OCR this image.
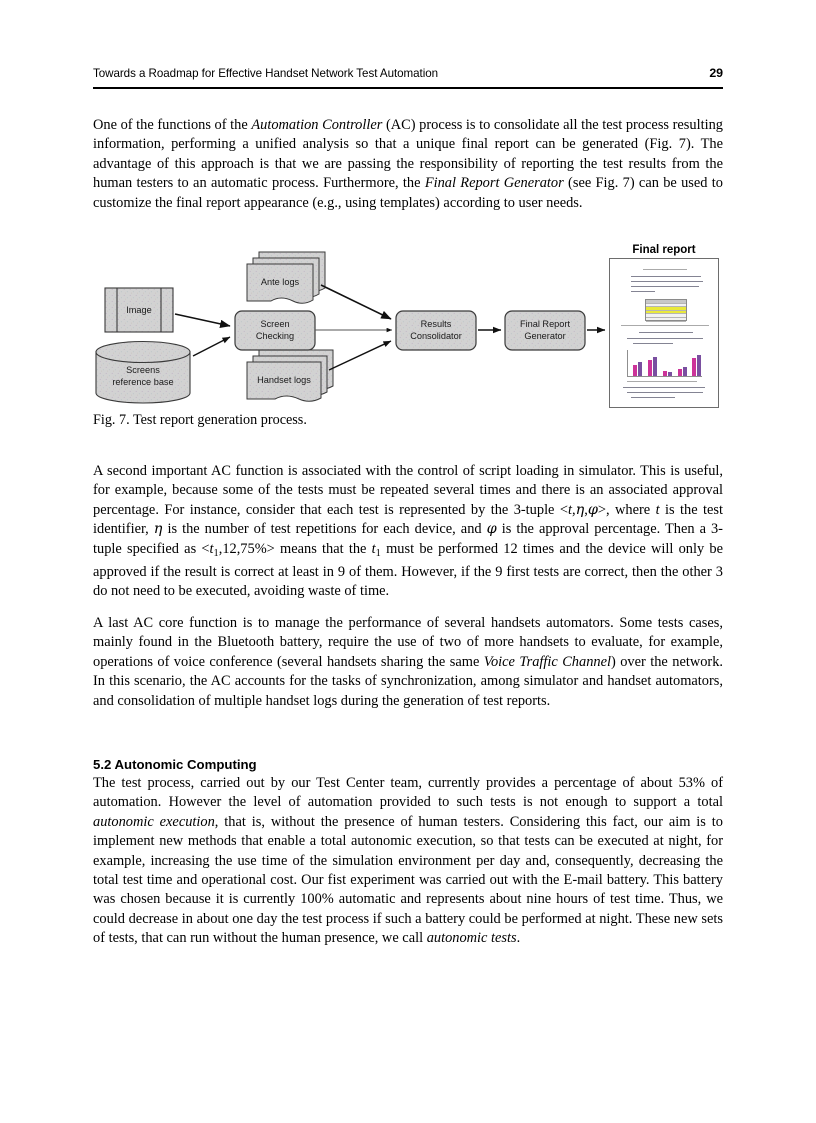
Towards a Roadmap for Effective Handset Network Test Automation	29

One of the functions of the Automation Controller (AC) process is to consolidate all the test process resulting information, performing a unified analysis so that a unique final report can be generated (Fig. 7). The advantage of this approach is that we are passing the responsibility of reporting the test results from the human testers to an automatic process. Furthermore, the Final Report Generator (see Fig. 7) can be used to customize the final report appearance (e.g., using templates) according to user needs.

Image
Screens
reference base
Ante logs
Handset logs
Screen
Checking
Results
Consolidator
Final Report
Generator
Final report

Fig. 7. Test report generation process.

A second important AC function is associated with the control of script loading in simulator. This is useful, for example, because some of the tests must be repeated several times and there is an associated approval percentage. For instance, consider that each test is represented by the 3-tuple <t,η,φ>, where t is the test identifier, η is the number of test repetitions for each device, and φ is the approval percentage. Then a 3-tuple specified as $<t_1,12,75\%>$ means that the $t_1$ must be performed 12 times and the device will only be approved if the result is correct at least in 9 of them. However, if the 9 first tests are correct, then the other 3 do not need to be executed, avoiding waste of time.

A last AC core function is to manage the performance of several handsets automators. Some tests cases, mainly found in the Bluetooth battery, require the use of two of more handsets to evaluate, for example, operations of voice conference (several handsets sharing the same Voice Traffic Channel) over the network. In this scenario, the AC accounts for the tasks of synchronization, among simulator and handset automators, and consolidation of multiple handset logs during the generation of test reports.

5.2 Autonomic Computing

The test process, carried out by our Test Center team, currently provides a percentage of about 53% of automation. However the level of automation provided to such tests is not enough to support a total autonomic execution, that is, without the presence of human testers. Considering this fact, our aim is to implement new methods that enable a total autonomic execution, so that tests can be executed at night, for example, increasing the use time of the simulation environment per day and, consequently, decreasing the total test time and operational cost. Our fist experiment was carried out with the E-mail battery. This battery was chosen because it is currently 100% automatic and represents about nine hours of test time. Thus, we could decrease in about one day the test process if such a battery could be performed at night. These new sets of tests, that can run without the human presence, we call autonomic tests.
